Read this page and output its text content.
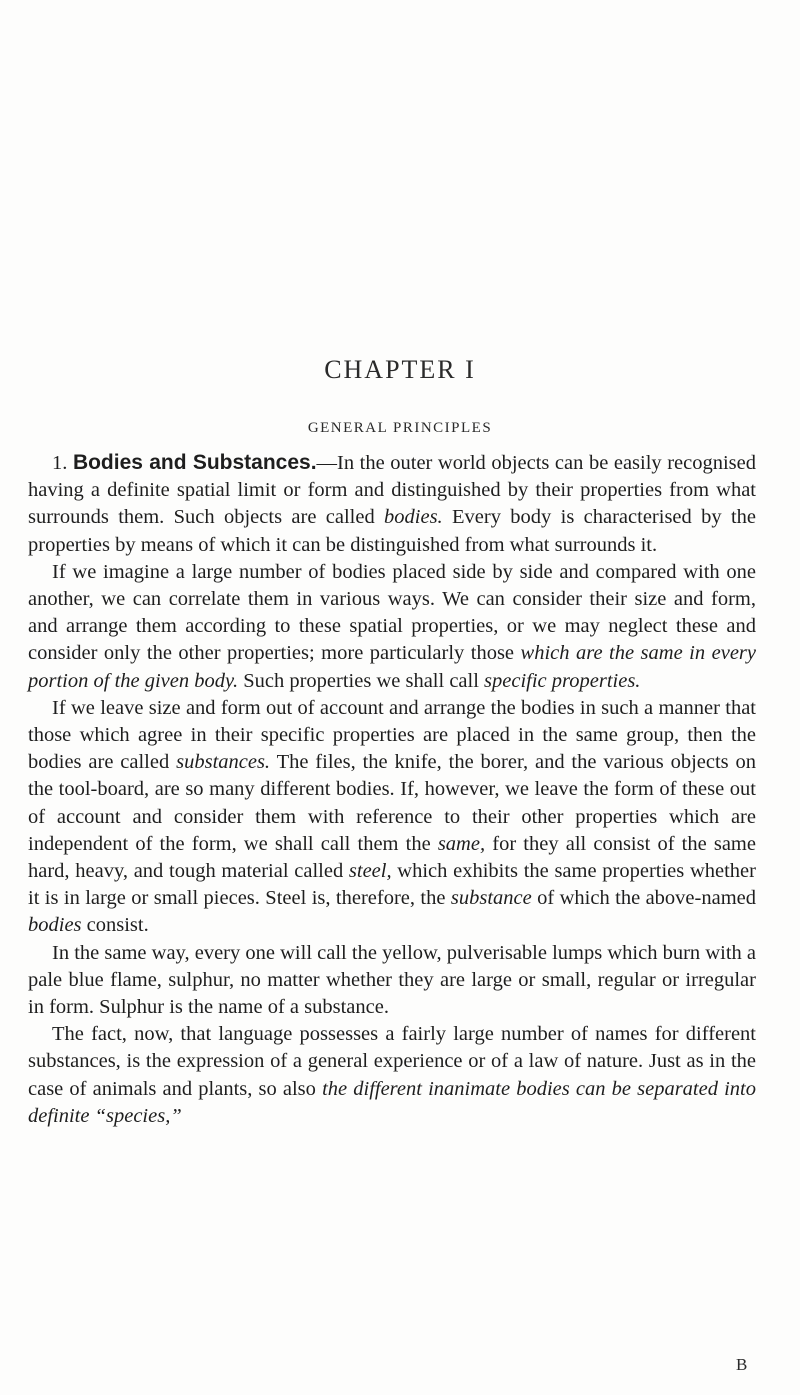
CHAPTER I
GENERAL PRINCIPLES

1. Bodies and Substances.—In the outer world objects can be easily recognised having a definite spatial limit or form and distinguished by their properties from what surrounds them. Such objects are called bodies. Every body is characterised by the properties by means of which it can be distinguished from what surrounds it.

If we imagine a large number of bodies placed side by side and compared with one another, we can correlate them in various ways. We can consider their size and form, and arrange them according to these spatial properties, or we may neglect these and consider only the other properties; more particularly those which are the same in every portion of the given body. Such properties we shall call specific properties.

If we leave size and form out of account and arrange the bodies in such a manner that those which agree in their specific properties are placed in the same group, then the bodies are called substances. The files, the knife, the borer, and the various objects on the tool-board, are so many different bodies. If, however, we leave the form of these out of account and consider them with reference to their other properties which are independent of the form, we shall call them the same, for they all consist of the same hard, heavy, and tough material called steel, which exhibits the same properties whether it is in large or small pieces. Steel is, therefore, the substance of which the above-named bodies consist.

In the same way, every one will call the yellow, pulverisable lumps which burn with a pale blue flame, sulphur, no matter whether they are large or small, regular or irregular in form. Sulphur is the name of a substance.

The fact, now, that language possesses a fairly large number of names for different substances, is the expression of a general experience or of a law of nature. Just as in the case of animals and plants, so also the different inanimate bodies can be separated into definite “species,”

B
